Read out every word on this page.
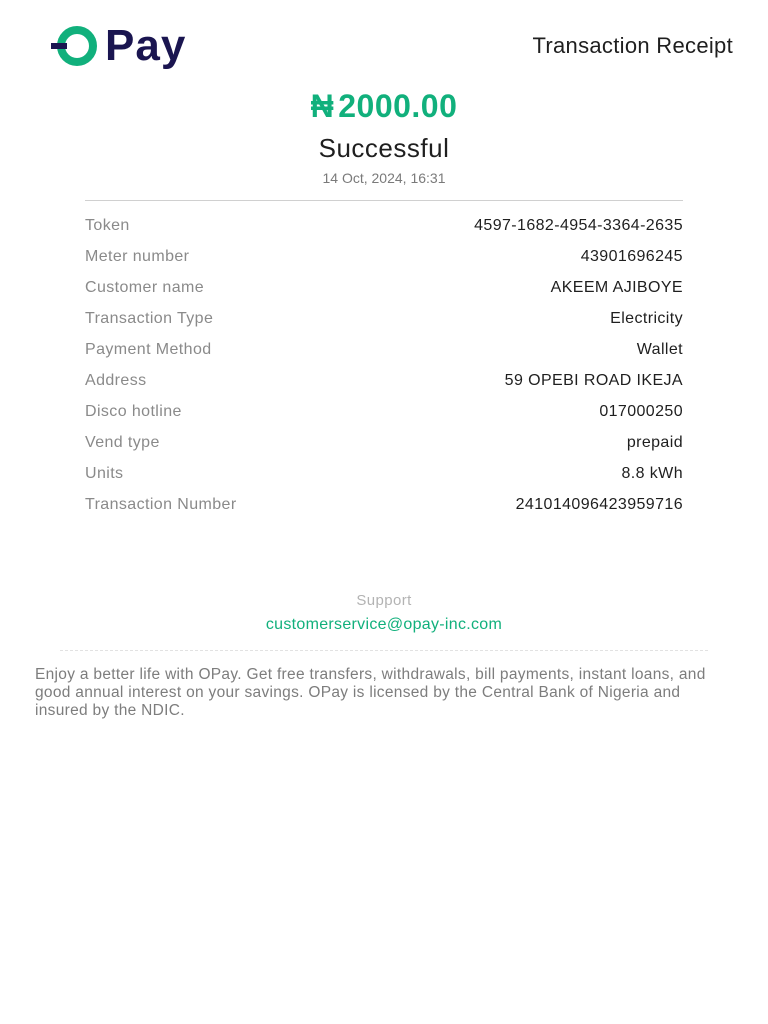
Pay	Transaction Receipt
₦ 2000.00
Successful
14 Oct, 2024, 16:31
Token	4597-1682-4954-3364-2635
Meter number	43901696245
Customer name	AKEEM AJIBOYE
Transaction Type	Electricity
Payment Method	Wallet
Address	59 OPEBI ROAD IKEJA
Disco hotline	017000250
Vend type	prepaid
Units	8.8 kWh
Transaction Number	241014096423959716
Support
customerservice@opay-inc.com
Enjoy a better life with OPay. Get free transfers, withdrawals, bill payments, instant loans, and good annual interest on your savings. OPay is licensed by the Central Bank of Nigeria and insured by the NDIC.
